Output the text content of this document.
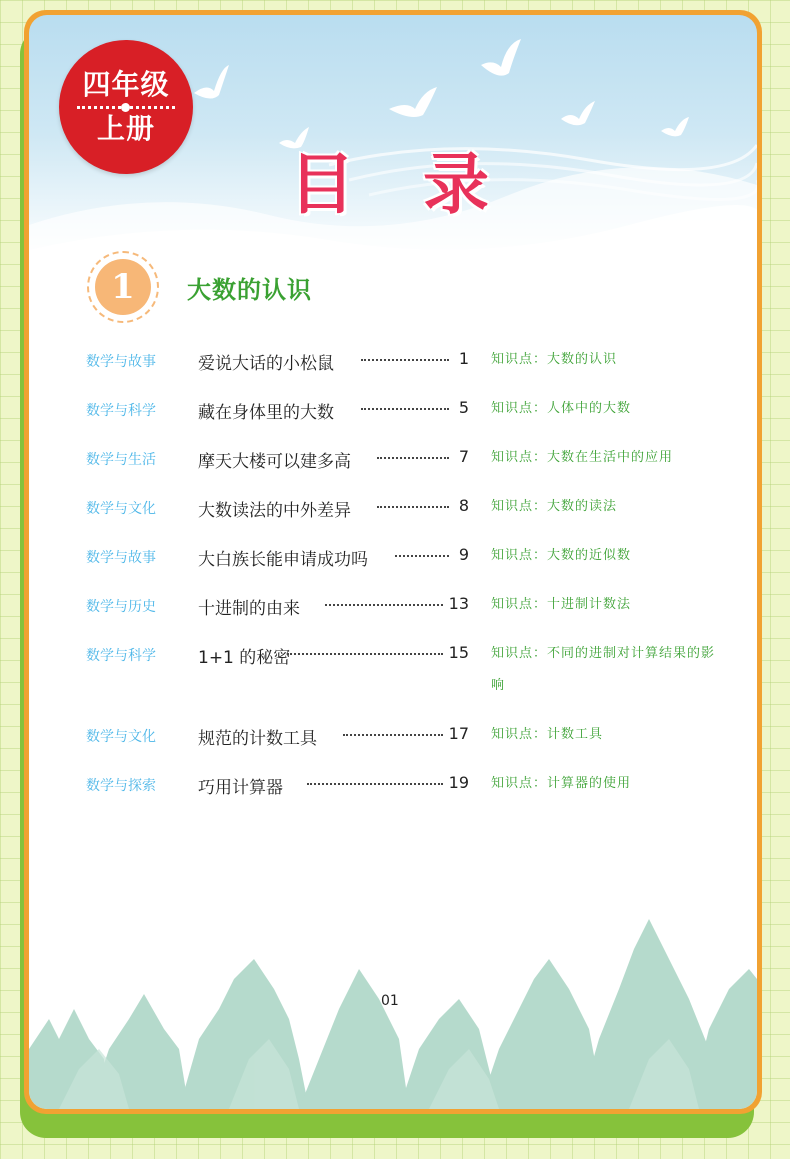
四年级
上册
目录
1 大数的认识
数学与故事 爱说大话的小松鼠	1 知识点：大数的认识
数学与科学 藏在身体里的大数	5 知识点：人体中的大数
数学与生活 摩天大楼可以建多高	7 知识点：大数在生活中的应用
数学与文化 大数读法的中外差异	8 知识点：大数的读法
数学与故事 大白族长能申请成功吗	9 知识点：大数的近似数
数学与历史 十进制的由来	13 知识点：十进制计数法
数学与科学 1+1 的秘密	15 知识点：不同的进制对计算结果的影响
数学与文化 规范的计数工具	17 知识点：计数工具
数学与探索 巧用计算器	19 知识点：计算器的使用
01
